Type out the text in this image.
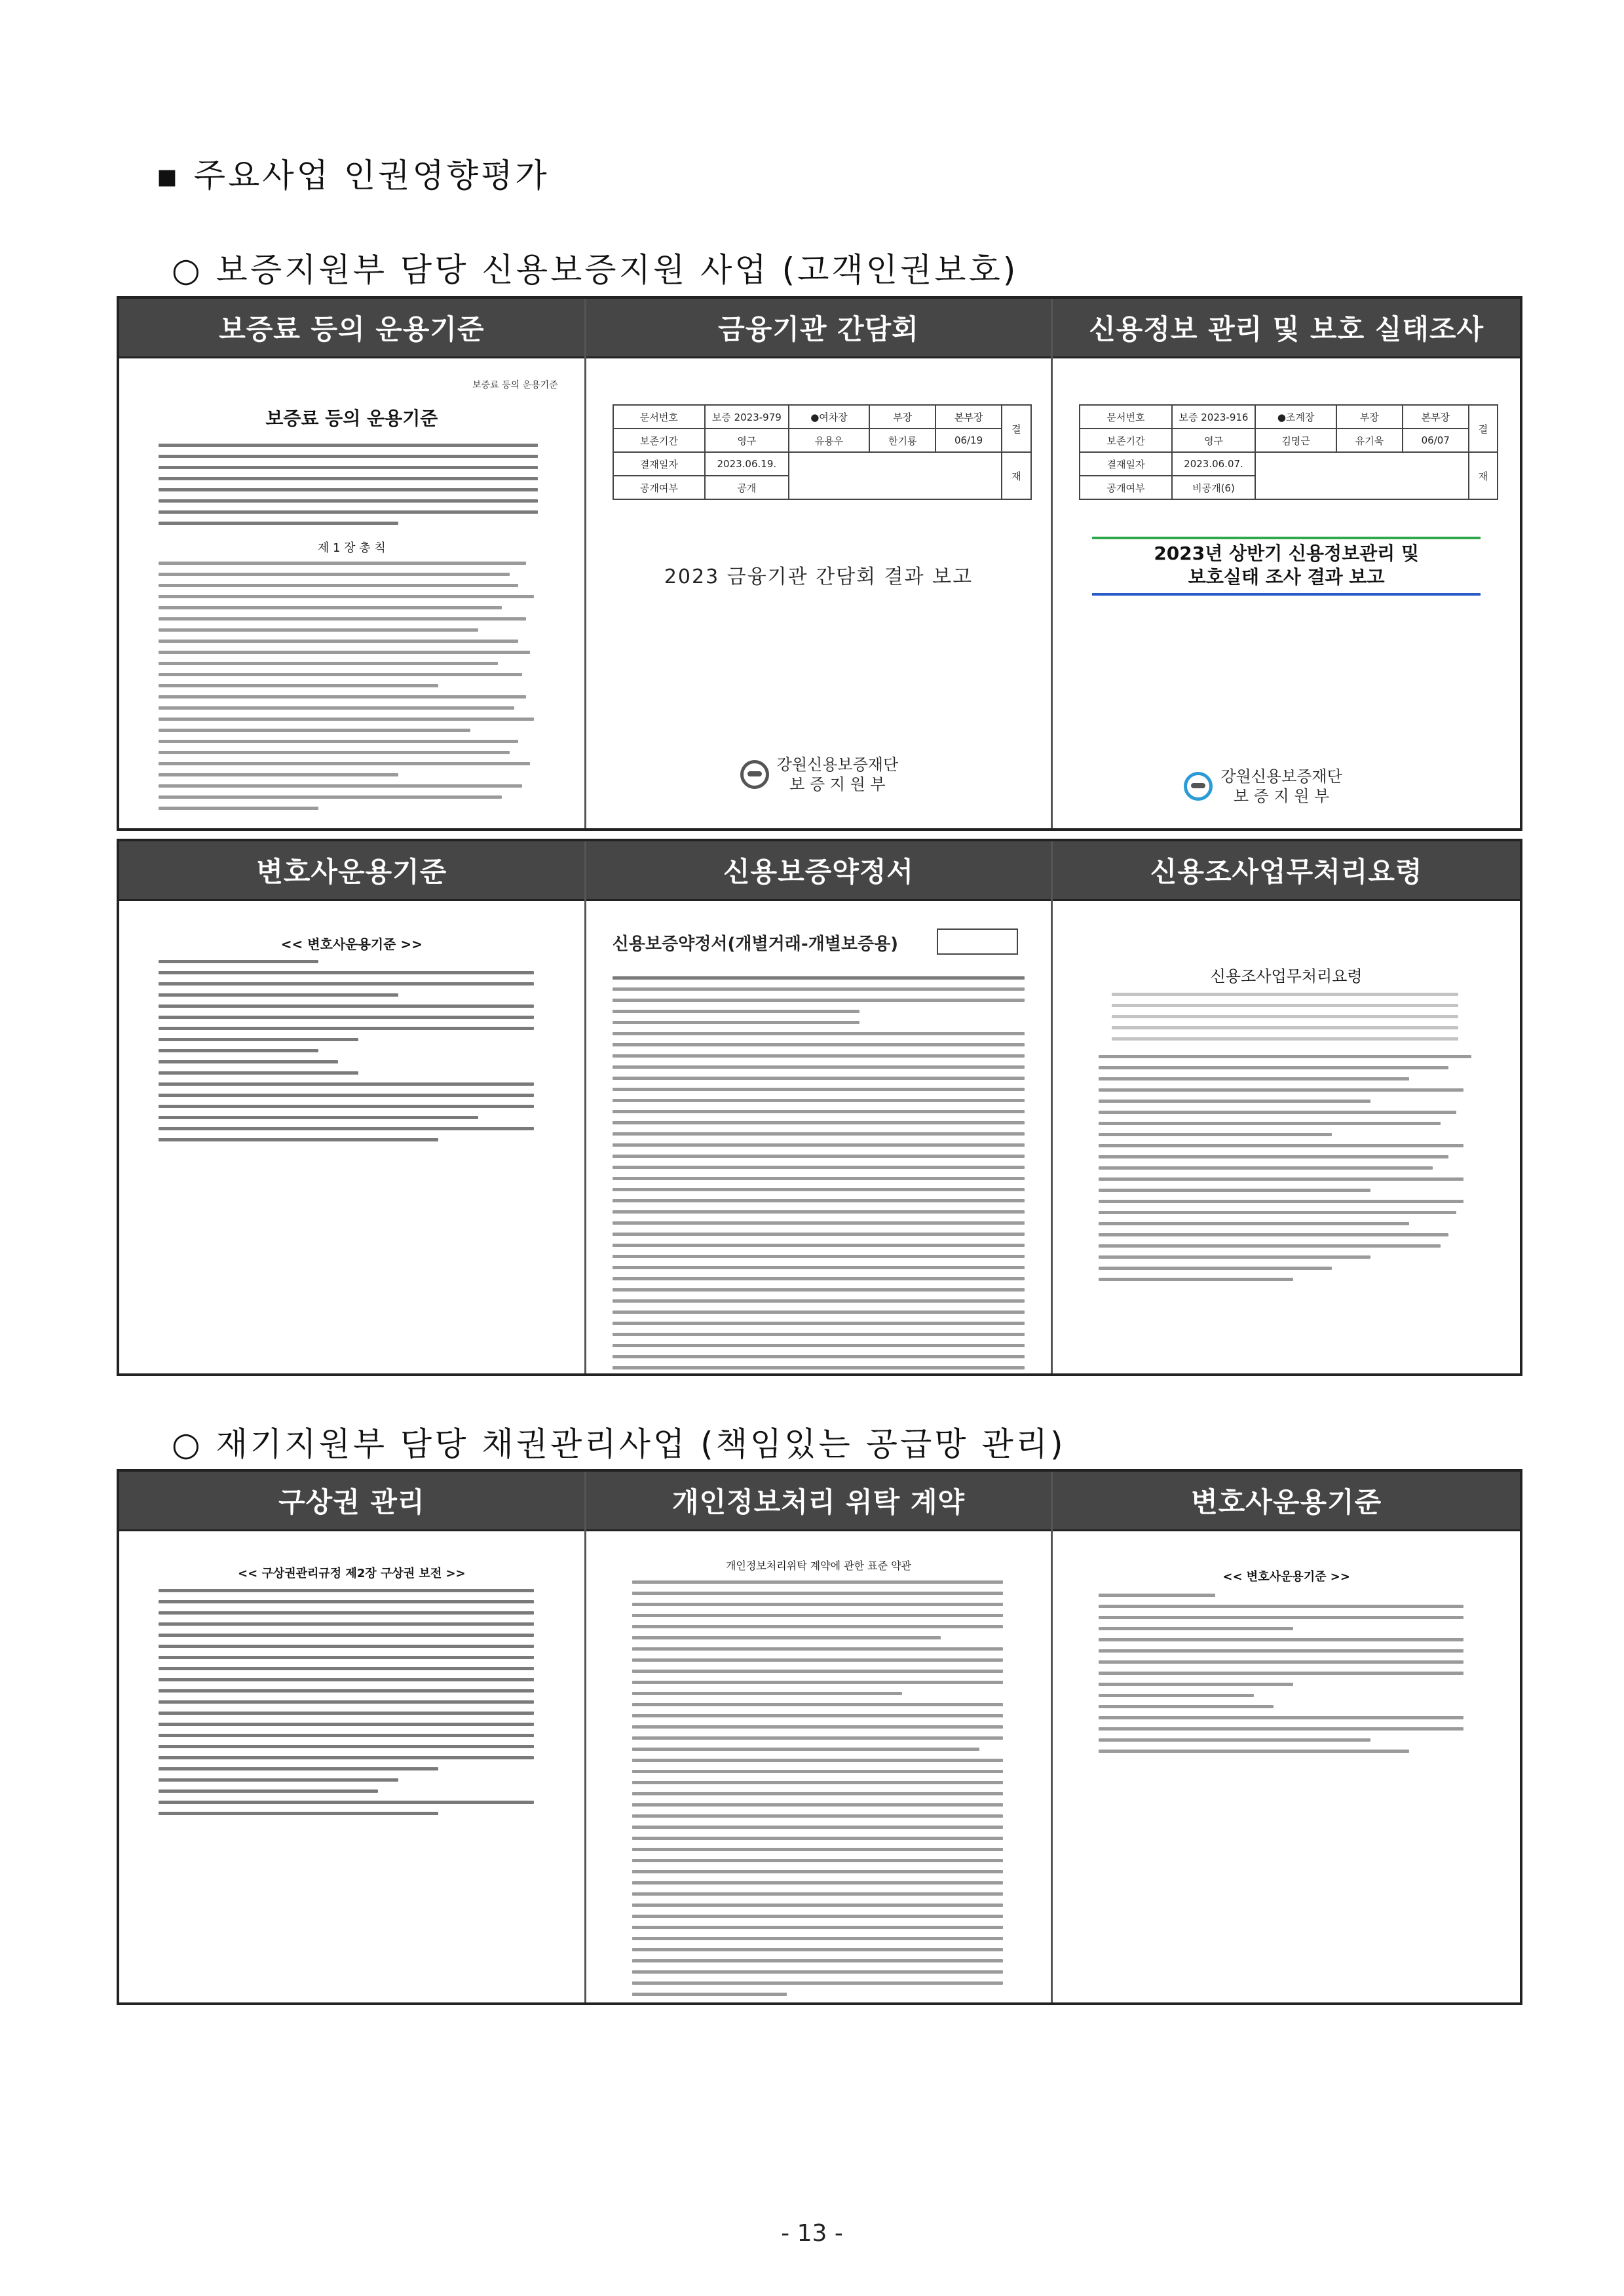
▪ 주요사업 인권영향평가
○ 보증지원부 담당 신용보증지원 사업 (고객인권보호)
보증료 등의 운용기준
보증료 등의 운용기준
보증료 등의 운용기준
제 1 장 총 칙
금융기관 간담회
문서번호	보증 2023-979	●여차장	부장	본부장	결
보존기간	영구	유용우	한기룡	06/19	
결재일자	2023.06.19.				재
공개여부	공개				
2023 금융기관 간담회 결과 보고
강원신용보증재단
보 증 지 원 부
신용정보 관리 및 보호 실태조사
문서번호	보증 2023-916	●조계장	부장	본부장	결
보존기간	영구	김명근	유기욱	06/07	
결재일자	2023.06.07.				재
공개여부	비공개(6)				
2023년 상반기 신용정보관리 및
보호실태 조사 결과 보고
강원신용보증재단
보 증 지 원 부
변호사운용기준
<< 변호사운용기준 >>
신용보증약정서
신용보증약정서(개별거래-개별보증용)
신용조사업무처리요령
신용조사업무처리요령
○ 재기지원부 담당 채권관리사업 (책임있는 공급망 관리)
구상권 관리
<< 구상권관리규정 제2장 구상권 보전 >>
개인정보처리 위탁 계약
개인정보처리위탁 계약에 관한 표준 약관
변호사운용기준
<< 변호사운용기준 >>
- 13 -
